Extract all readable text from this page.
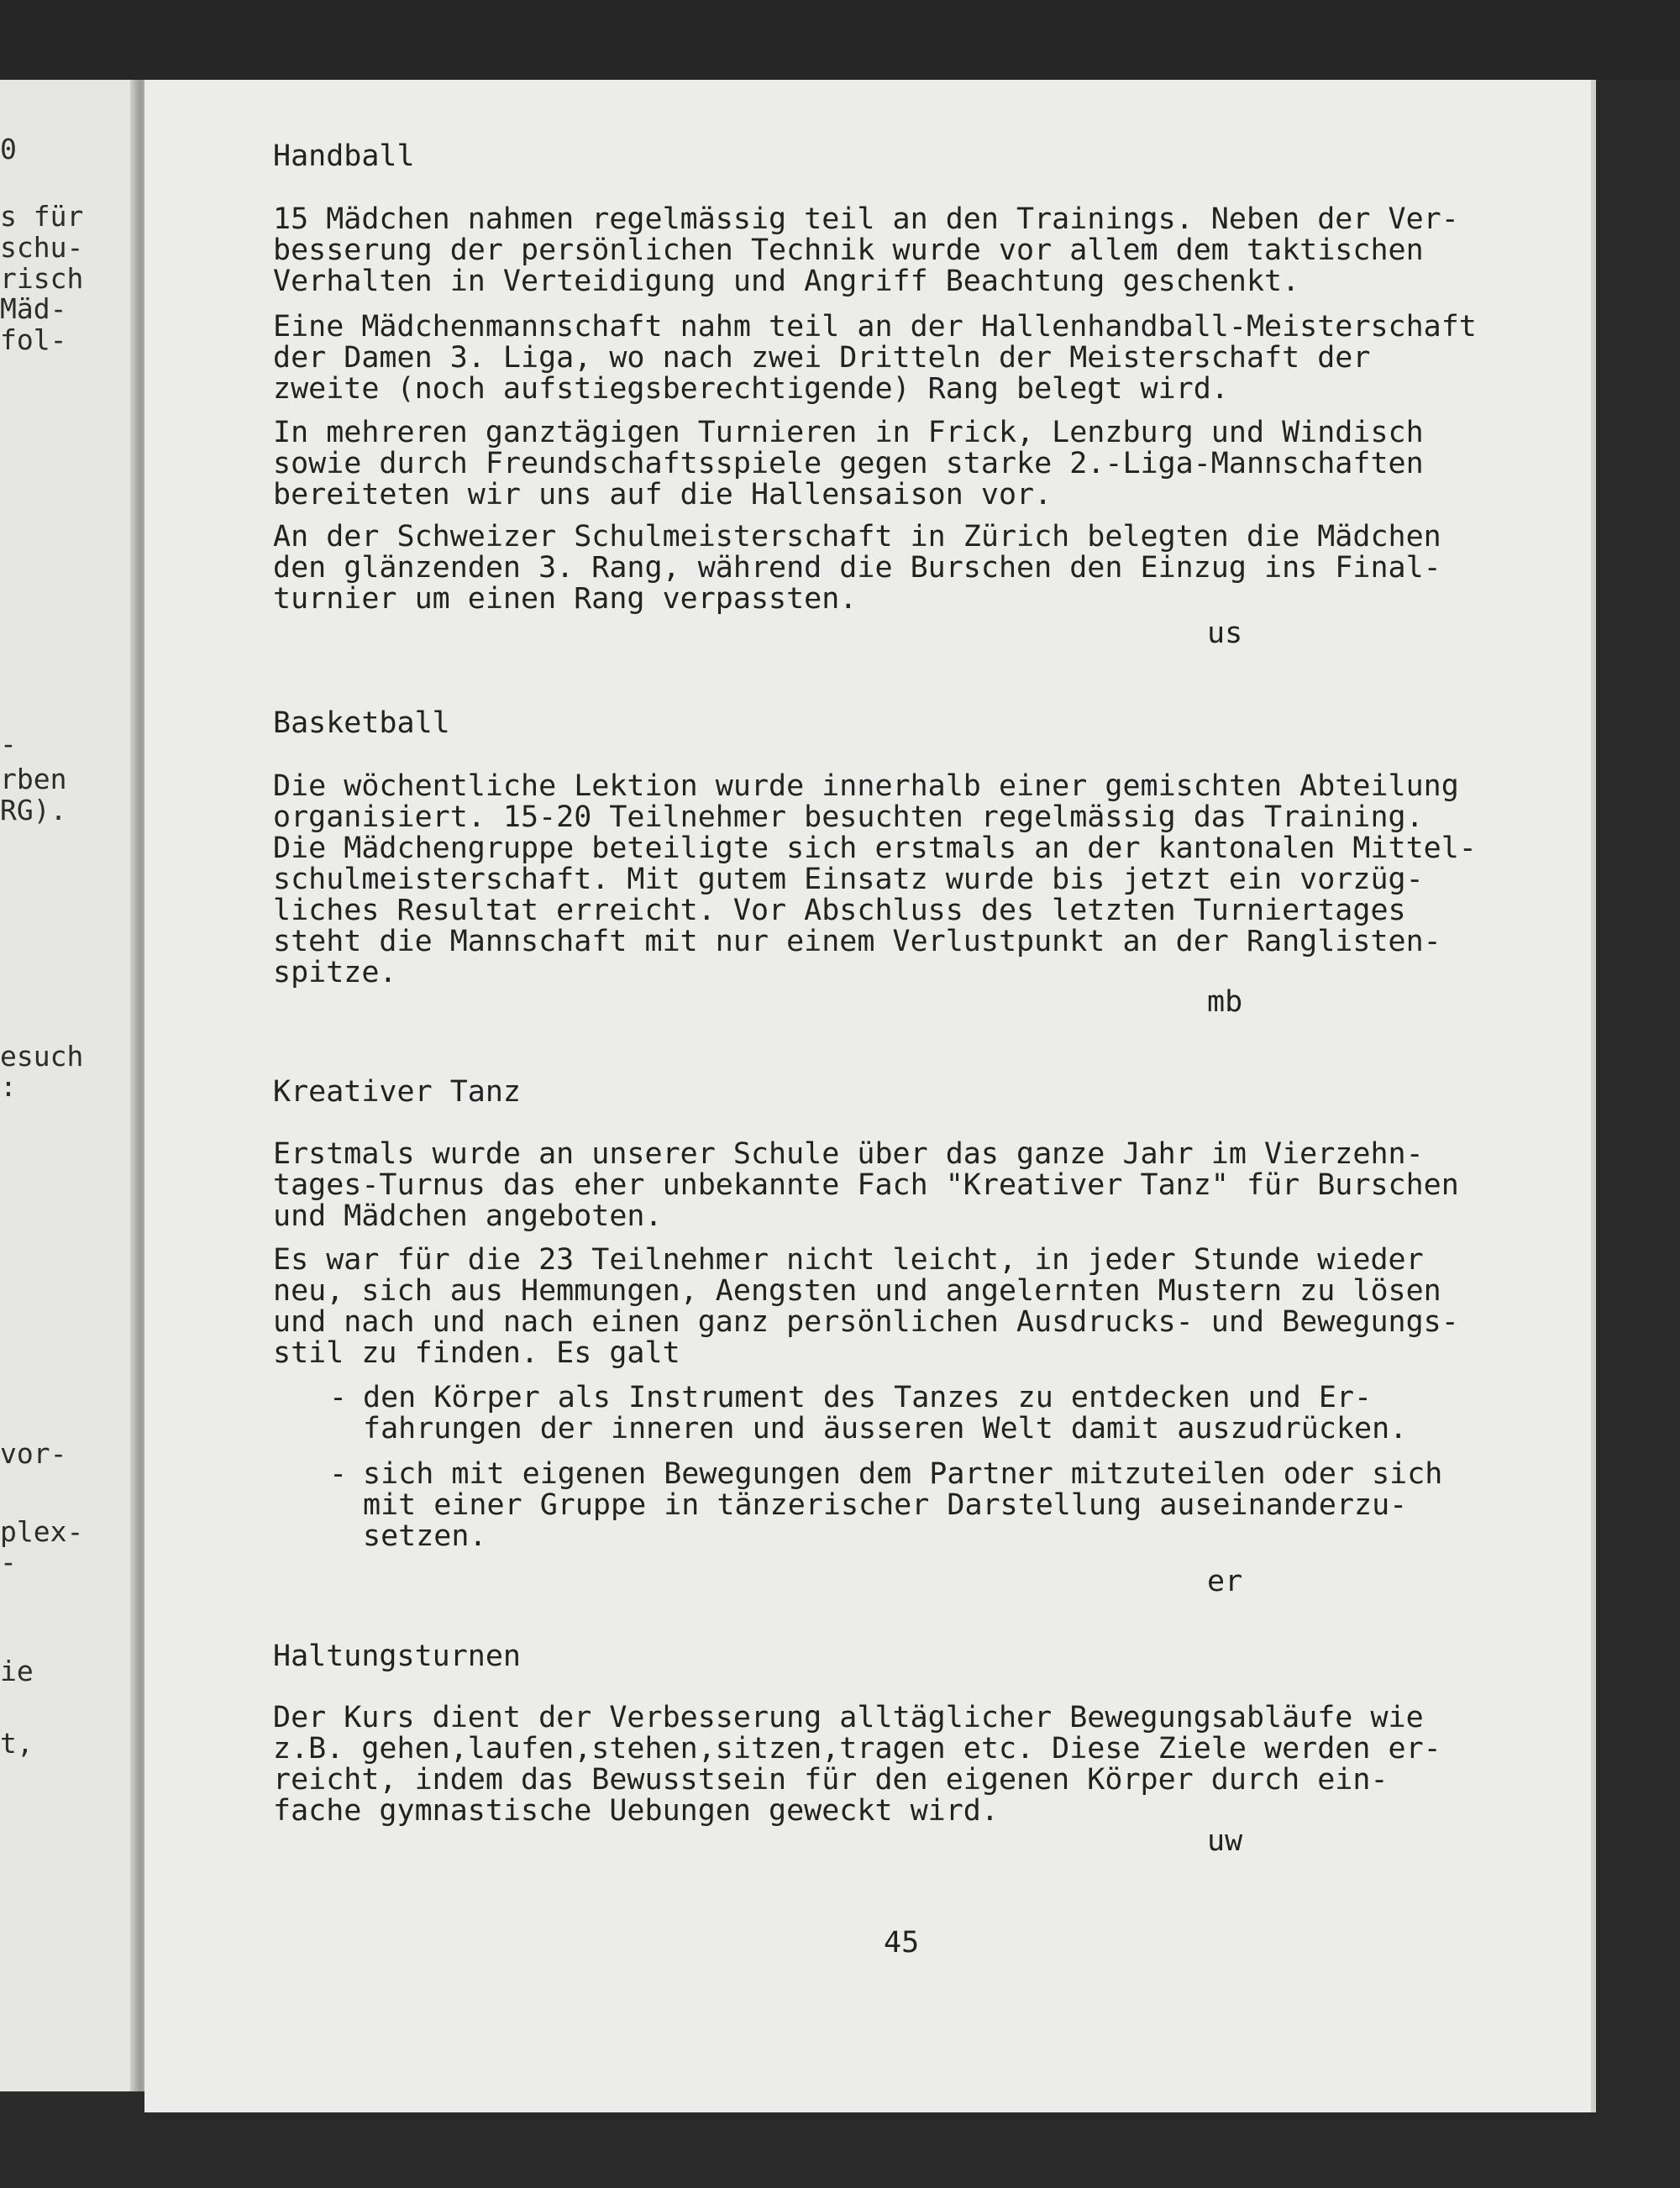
0
s für
schu-
risch
Mäd-
fol-
-
rben
RG).
esuch
:
vor-
plex-
-
ie
t,
Handball
15 Mädchen nahmen regelmässig teil an den Trainings. Neben der Ver-
besserung der persönlichen Technik wurde vor allem dem taktischen
Verhalten in Verteidigung und Angriff Beachtung geschenkt.
Eine Mädchenmannschaft nahm teil an der Hallenhandball-Meisterschaft
der Damen 3. Liga, wo nach zwei Dritteln der Meisterschaft der
zweite (noch aufstiegsberechtigende) Rang belegt wird.
In mehreren ganztägigen Turnieren in Frick, Lenzburg und Windisch
sowie durch Freundschaftsspiele gegen starke 2.-Liga-Mannschaften
bereiteten wir uns auf die Hallensaison vor.
An der Schweizer Schulmeisterschaft in Zürich belegten die Mädchen
den glänzenden 3. Rang, während die Burschen den Einzug ins Final-
turnier um einen Rang verpassten.
us
Basketball
Die wöchentliche Lektion wurde innerhalb einer gemischten Abteilung
organisiert. 15-20 Teilnehmer besuchten regelmässig das Training.
Die Mädchengruppe beteiligte sich erstmals an der kantonalen Mittel-
schulmeisterschaft. Mit gutem Einsatz wurde bis jetzt ein vorzüg-
liches Resultat erreicht. Vor Abschluss des letzten Turniertages
steht die Mannschaft mit nur einem Verlustpunkt an der Ranglisten-
spitze.
mb
Kreativer Tanz
Erstmals wurde an unserer Schule über das ganze Jahr im Vierzehn-
tages-Turnus das eher unbekannte Fach "Kreativer Tanz" für Burschen
und Mädchen angeboten.
Es war für die 23 Teilnehmer nicht leicht, in jeder Stunde wieder
neu, sich aus Hemmungen, Aengsten und angelernten Mustern zu lösen
und nach und nach einen ganz persönlichen Ausdrucks- und Bewegungs-
stil zu finden. Es galt
- den Körper als Instrument des Tanzes zu entdecken und Er-
fahrungen der inneren und äusseren Welt damit auszudrücken.
- sich mit eigenen Bewegungen dem Partner mitzuteilen oder sich
mit einer Gruppe in tänzerischer Darstellung auseinanderzu-
setzen.
er
Haltungsturnen
Der Kurs dient der Verbesserung alltäglicher Bewegungsabläufe wie
z.B. gehen,laufen,stehen,sitzen,tragen etc. Diese Ziele werden er-
reicht, indem das Bewusstsein für den eigenen Körper durch ein-
fache gymnastische Uebungen geweckt wird.
uw
45
